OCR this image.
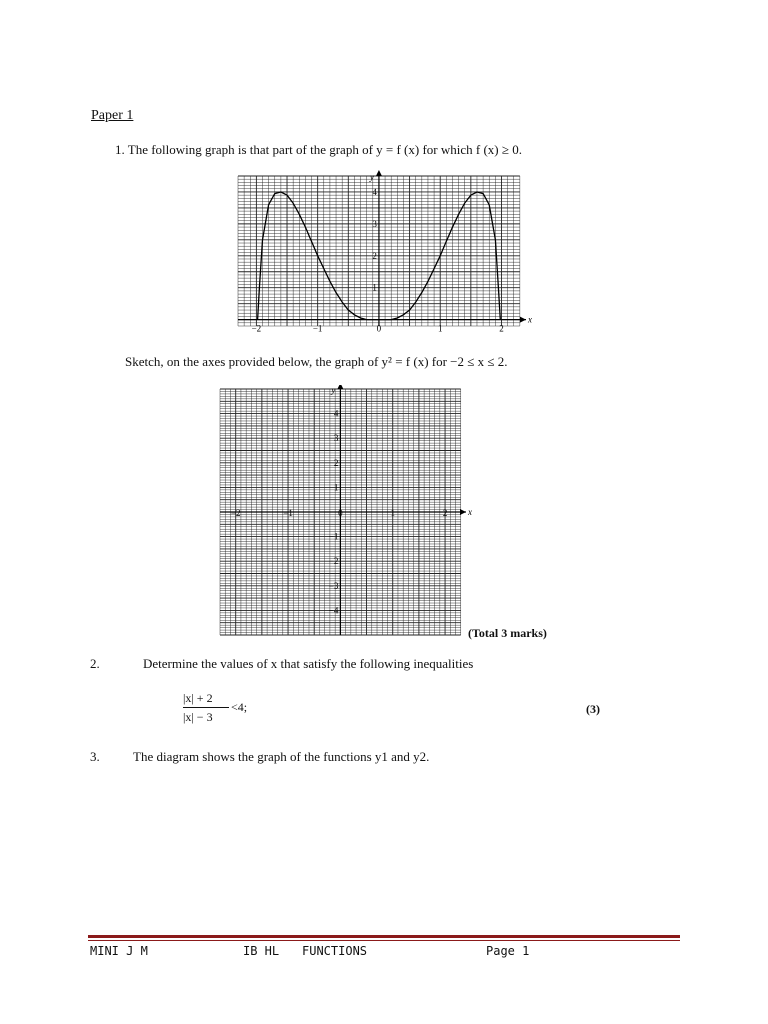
Paper 1
1. The following graph is that part of the graph of y = f (x) for which f (x) ≥ 0.
x
y
−2	−1	0	1	2
1
2
3
4
Sketch, on the axes provided below, the graph of y² = f (x) for −2 ≤ x ≤ 2.
x
y
−2	−1	0	1	2
4
3
2
1
−1
−2
−3
−4
(Total 3 marks)
2.	Determine the values of x that satisfy the following inequalities
|x| + 2
|x| − 3
<4;	(3)
3.	The diagram shows the graph of the functions y1 and y2.
MINI J M	IB HL FUNCTIONS	Page 1
